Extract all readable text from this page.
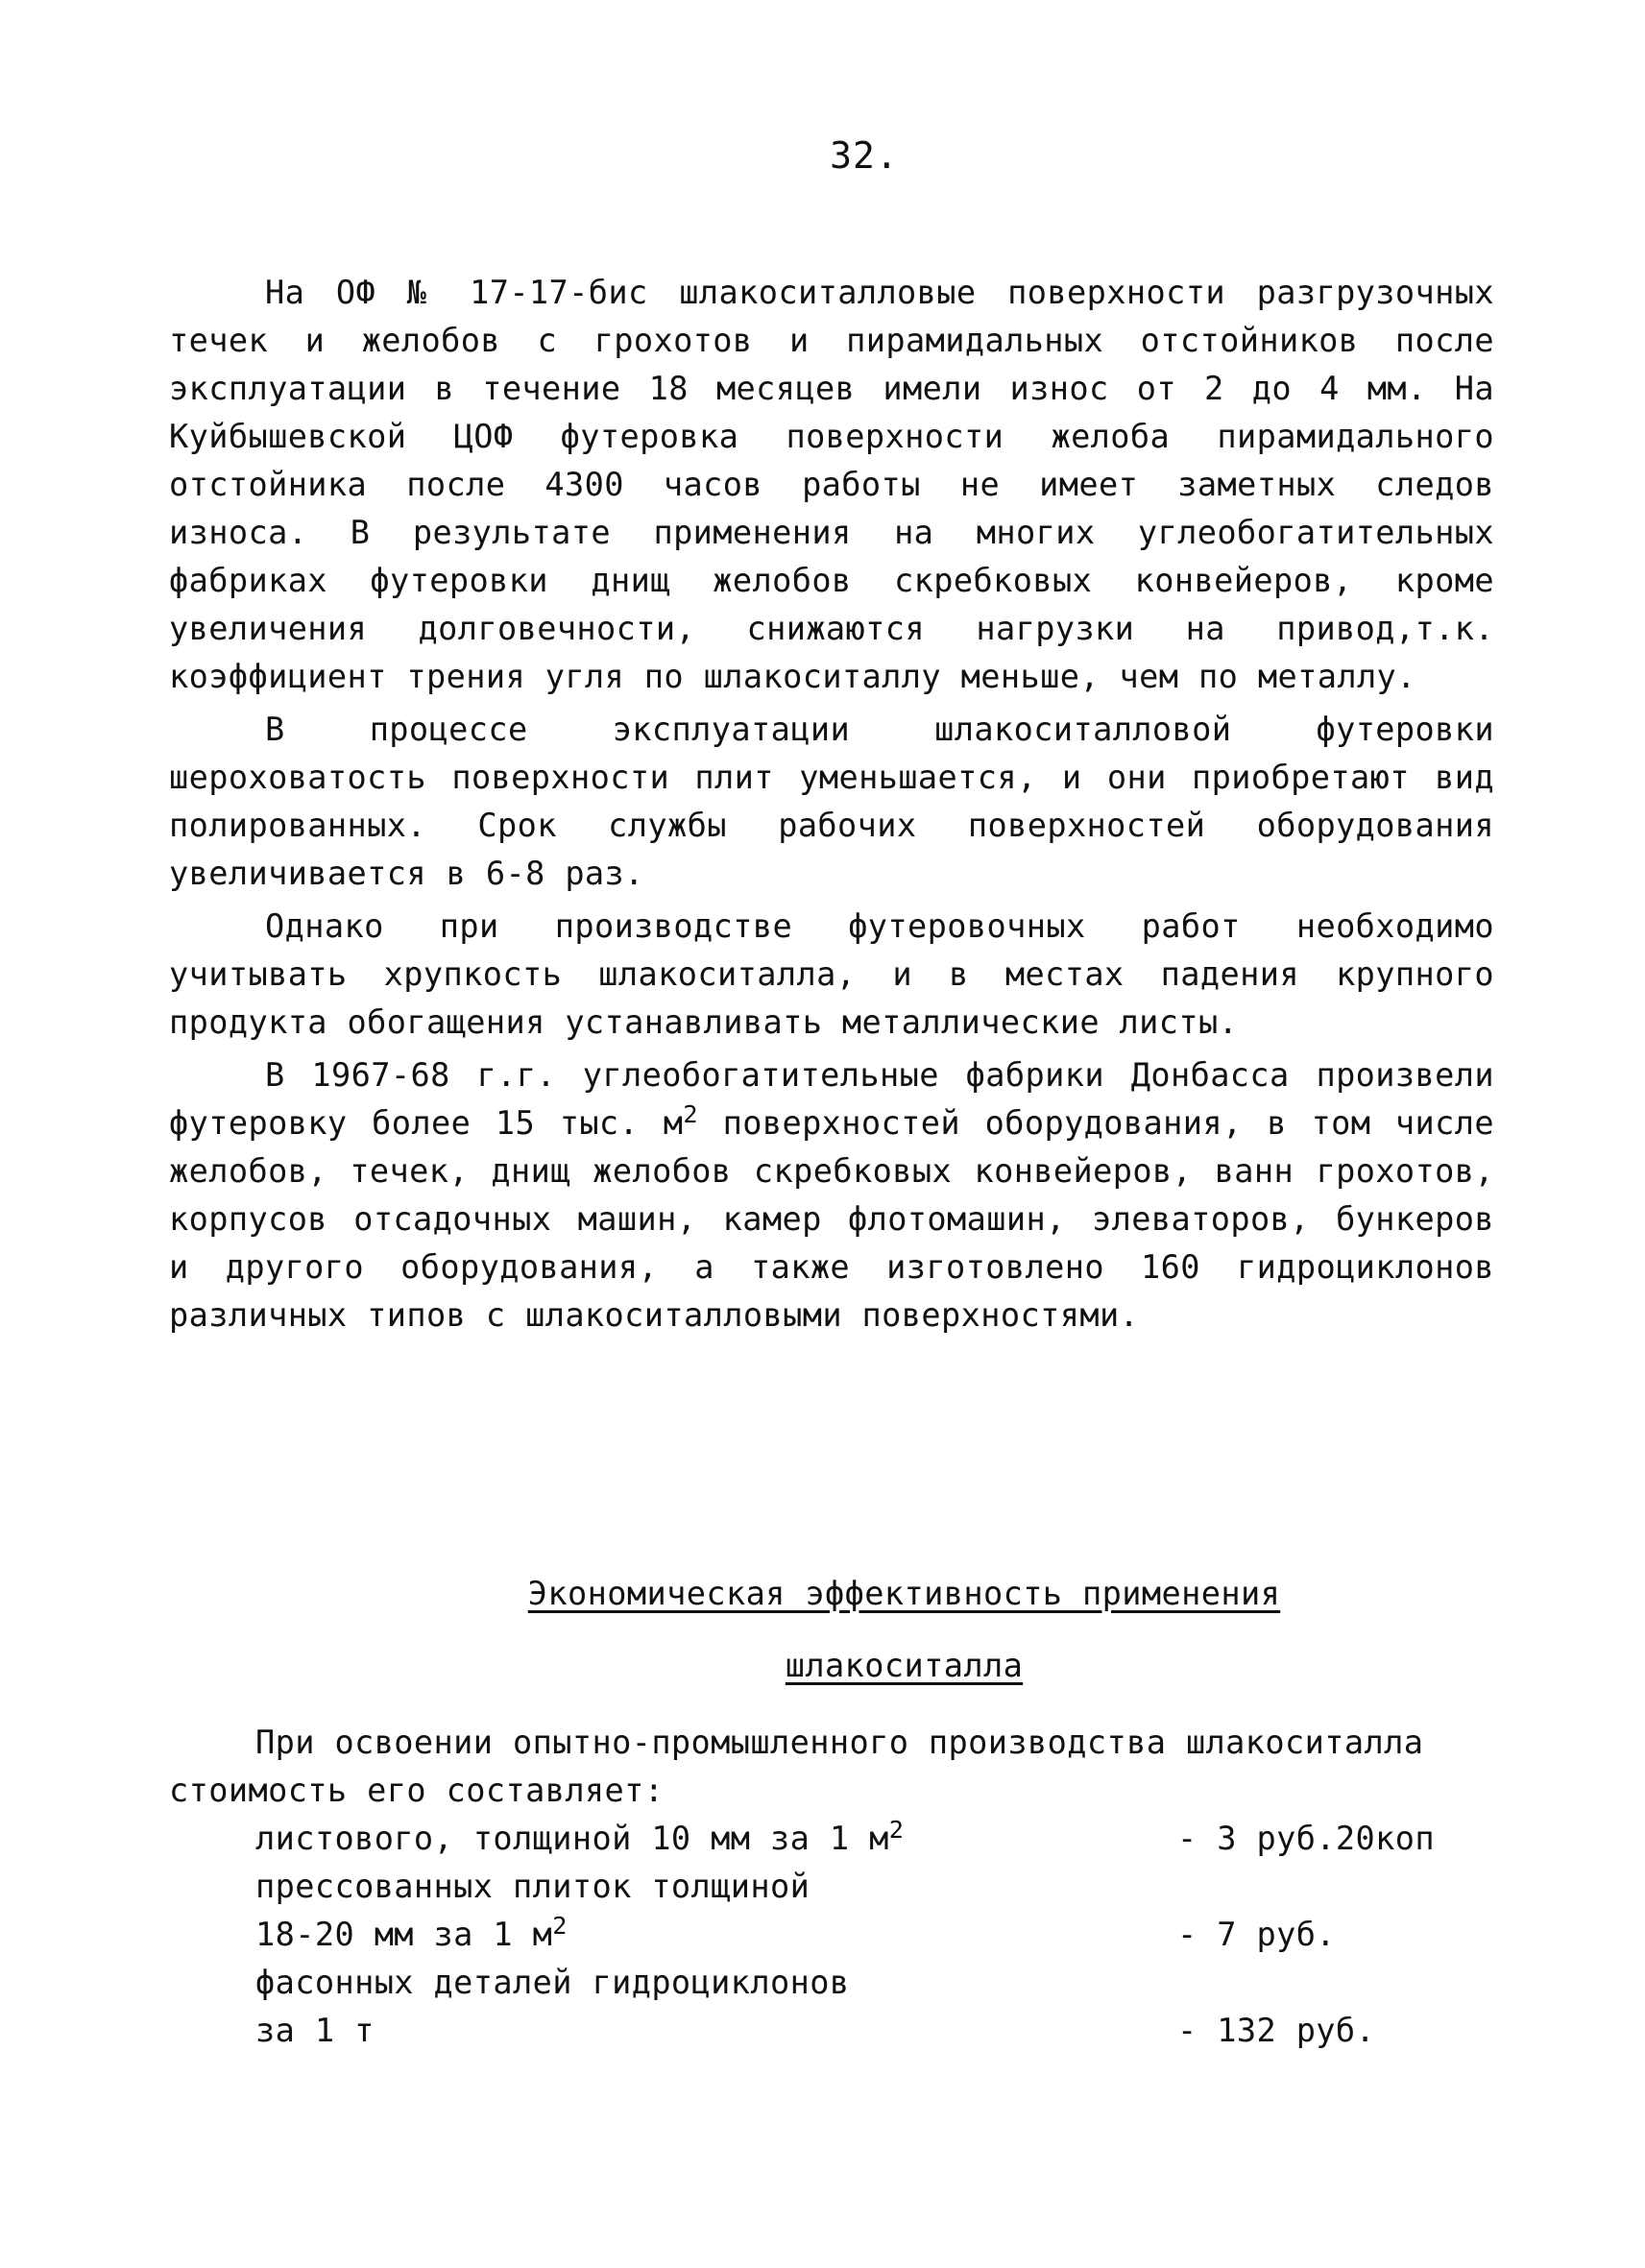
32.

На ОФ № 17-17-бис шлакоситалловые поверхности разгрузочных течек и желобов с грохотов и пирамидальных отстойников после эксплуатации в течение 18 месяцев имели износ от 2 до 4 мм. На Куйбышевской ЦОФ футеровка поверхности желоба пирамидального отстойника после 4300 часов работы не имеет заметных следов износа. В результате применения на многих углеобогатительных фабриках футеровки днищ желобов скребковых конвейеров, кроме увеличения долговечности, снижаются нагрузки на привод,т.к. коэффициент трения угля по шлакоситаллу меньше, чем по металлу.

В процессе эксплуатации шлакоситалловой футеровки шероховатость поверхности плит уменьшается, и они приобретают вид полированных. Срок службы рабочих поверхностей оборудования увеличивается в 6-8 раз.

Однако при производстве футеровочных работ необходимо учитывать хрупкость шлакоситалла, и в местах падения крупного продукта обогащения устанавливать металлические листы.

В 1967-68 г.г. углеобогатительные фабрики Донбасса произвели футеровку более 15 тыс. $м^2$ поверхностей оборудования, в том числе желобов, течек, днищ желобов скребковых конвейеров, ванн грохотов, корпусов отсадочных машин, камер флотомашин, элеваторов, бункеров и другого оборудования, а также изготовлено 160 гидроциклонов различных типов с шлакоситалловыми поверхностями.

Экономическая эффективность применения
шлакоситалла

При освоении опытно-промышленного производства шлакоситалла стоимость его составляет:

листового, толщиной 10 мм за 1 $м^2$	- 3 руб.20коп
прессованных плиток толщиной
18-20 мм за 1 $м^2$	- 7 руб.
фасонных деталей гидроциклонов
за 1 т	- 132 руб.
